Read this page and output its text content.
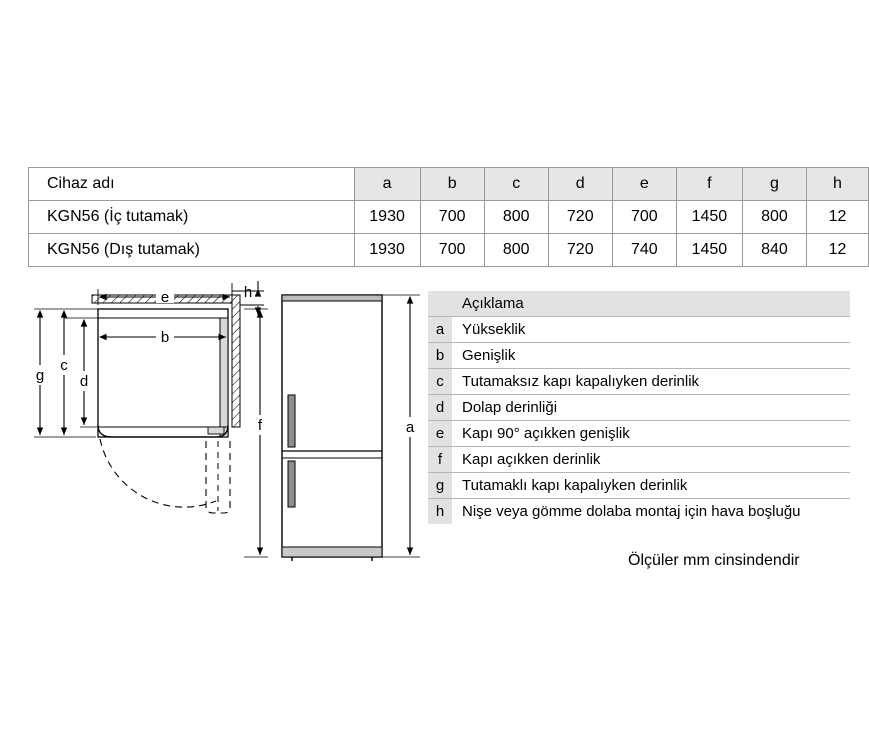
Cihaz adı	a	b	c	d	e	f	g	h
KGN56 (İç tutamak)	1930	700	800	720	700	1450	800	12
KGN56 (Dış tutamak)	1930	700	800	720	740	1450	840	12
Açıklama
a	Yükseklik
b	Genişlik
c	Tutamaksız kapı kapalıyken derinlik
d	Dolap derinliği
e	Kapı 90° açıkken genişlik
f	Kapı açıkken derinlik
g	Tutamaklı kapı kapalıyken derinlik
h	Nişe veya gömme dolaba montaj için hava boşluğu
Ölçüler mm cinsindendir
e	h
b
g
c
d
f	a
